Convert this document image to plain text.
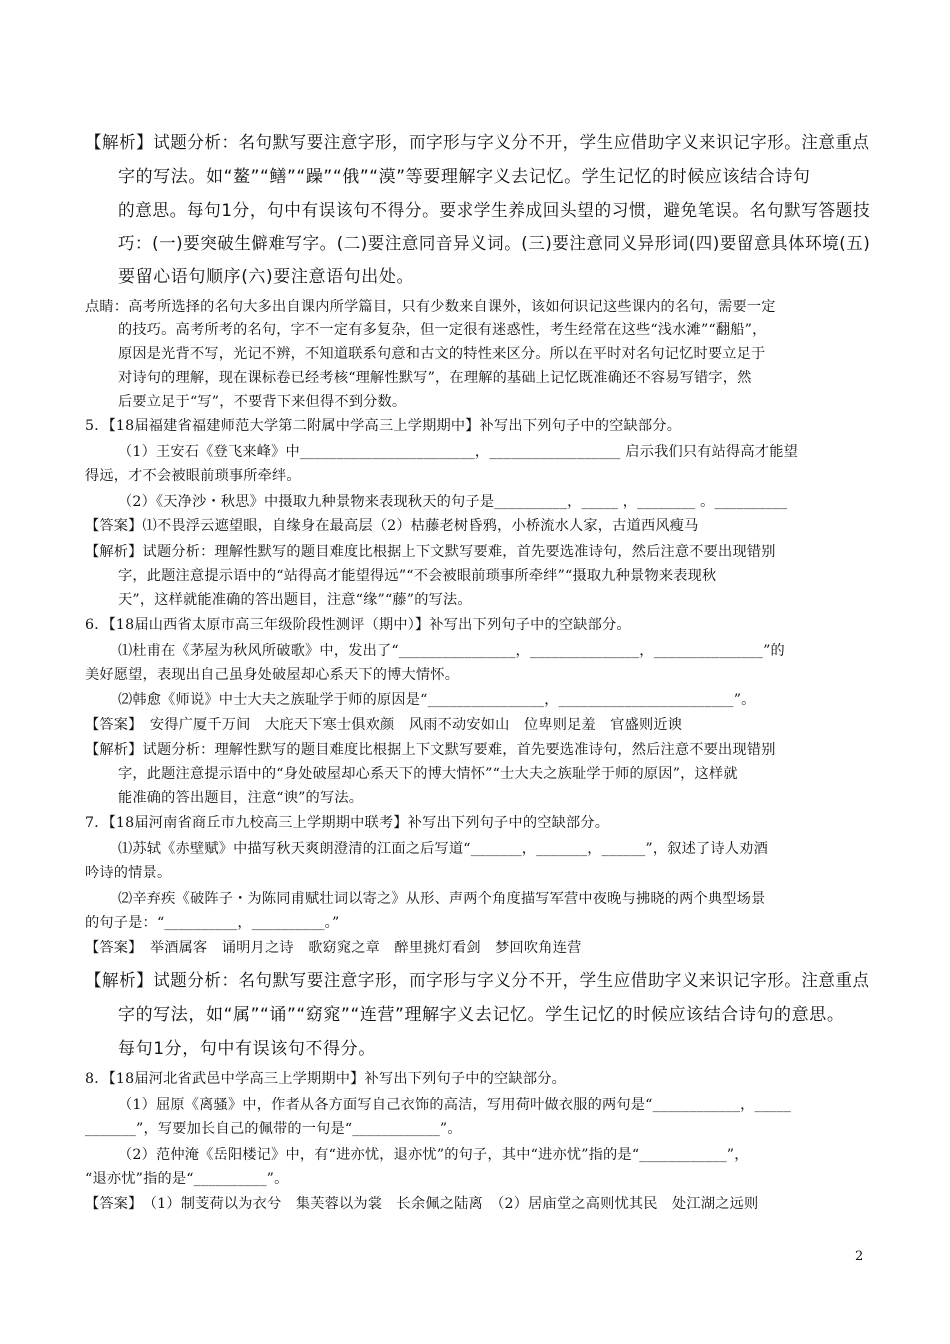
【解析】试题分析：名句默写要注意字形，而字形与字义分不开，学生应借助字义来识记字形。注意重点
字的写法。如“鳌”“鳝”“躁”“俄”“漠”等要理解字义去记忆。学生记忆的时候应该结合诗句
的意思。每句1分，句中有误该句不得分。要求学生养成回头望的习惯，避免笔误。名句默写答题技
巧：(一)要突破生僻难写字。(二)要注意同音异义词。(三)要注意同义异形词(四)要留意具体环境(五)
要留心语句顺序(六)要注意语句出处。
点睛：高考所选择的名句大多出自课内所学篇目，只有少数来自课外，该如何识记这些课内的名句，需要一定
的技巧。高考所考的名句，字不一定有多复杂，但一定很有迷惑性，考生经常在这些“浅水滩”“翻船”，
原因是光背不写，光记不辨，不知道联系句意和古文的特性来区分。所以在平时对名句记忆时要立足于
对诗句的理解，现在课标卷已经考核“理解性默写”，在理解的基础上记忆既准确还不容易写错字，然
后要立足于“写”，不要背下来但得不到分数。
5．【18届福建省福建师范大学第二附属中学高三上学期期中】补写出下列句子中的空缺部分。
（1）王安石《登飞来峰》中________________________，__________________ 启示我们只有站得高才能望
得远，才不会被眼前琐事所牵绊。
（2）《天净沙・秋思》中摄取九种景物来表现秋天的句子是__________，_____ ，________ 。__________
【答案】⑴不畏浮云遮望眼，自缘身在最高层（2）枯藤老树昏鸦，小桥流水人家，古道西风瘦马
【解析】试题分析：理解性默写的题目难度比根据上下文默写要难，首先要选准诗句，然后注意不要出现错别
字，此题注意提示语中的“站得高才能望得远”“不会被眼前琐事所牵绊”“摄取九种景物来表现秋
天”，这样就能准确的答出题目，注意“缘”“藤”的写法。
6．【18届山西省太原市高三年级阶段性测评（期中）】补写出下列句子中的空缺部分。
⑴杜甫在《茅屋为秋风所破歌》中，发出了“________________，_______________，_______________”的
美好愿望，表现出自己虽身处破屋却心系天下的博大情怀。
⑵韩愈《师说》中士大夫之族耻学于师的原因是“________________，________________________”。
【答案】　安得广厦千万间　大庇天下寒士俱欢颜　风雨不动安如山　位卑则足羞　官盛则近谀
【解析】试题分析：理解性默写的题目难度比根据上下文默写要难，首先要选准诗句，然后注意不要出现错别
字，此题注意提示语中的“身处破屋却心系天下的博大情怀”“士大夫之族耻学于师的原因”，这样就
能准确的答出题目，注意“谀”的写法。
7．【18届河南省商丘市九校高三上学期期中联考】补写出下列句子中的空缺部分。
⑴苏轼《赤壁赋》中描写秋天爽朗澄清的江面之后写道“_______，_______，______”，叙述了诗人劝酒
吟诗的情景。
⑵辛弃疾《破阵子・为陈同甫赋壮词以寄之》从形、声两个角度描写军营中夜晚与拂晓的两个典型场景
的句子是：“__________，__________。”
【答案】　举酒属客　诵明月之诗　歌窈窕之章　醉里挑灯看剑　梦回吹角连营
【解析】试题分析：名句默写要注意字形，而字形与字义分不开，学生应借助字义来识记字形。注意重点
字的写法，如“属”“诵”“窈窕”“连营”理解字义去记忆。学生记忆的时候应该结合诗句的意思。
每句1分，句中有误该句不得分。
8．【18届河北省武邑中学高三上学期期中】补写出下列句子中的空缺部分。
（1）屈原《离骚》中，作者从各方面写自己衣饰的高洁，写用荷叶做衣服的两句是“____________，_____
_______”，写要加长自己的佩带的一句是“____________”。
（2）范仲淹《岳阳楼记》中，有“进亦忧，退亦忧”的句子，其中“进亦忧”指的是“____________”，
“退亦忧”指的是“__________”。
【答案】　（1）制芰荷以为衣兮　集芙蓉以为裳　长余佩之陆离　（2）居庙堂之高则忧其民　处江湖之远则
2
